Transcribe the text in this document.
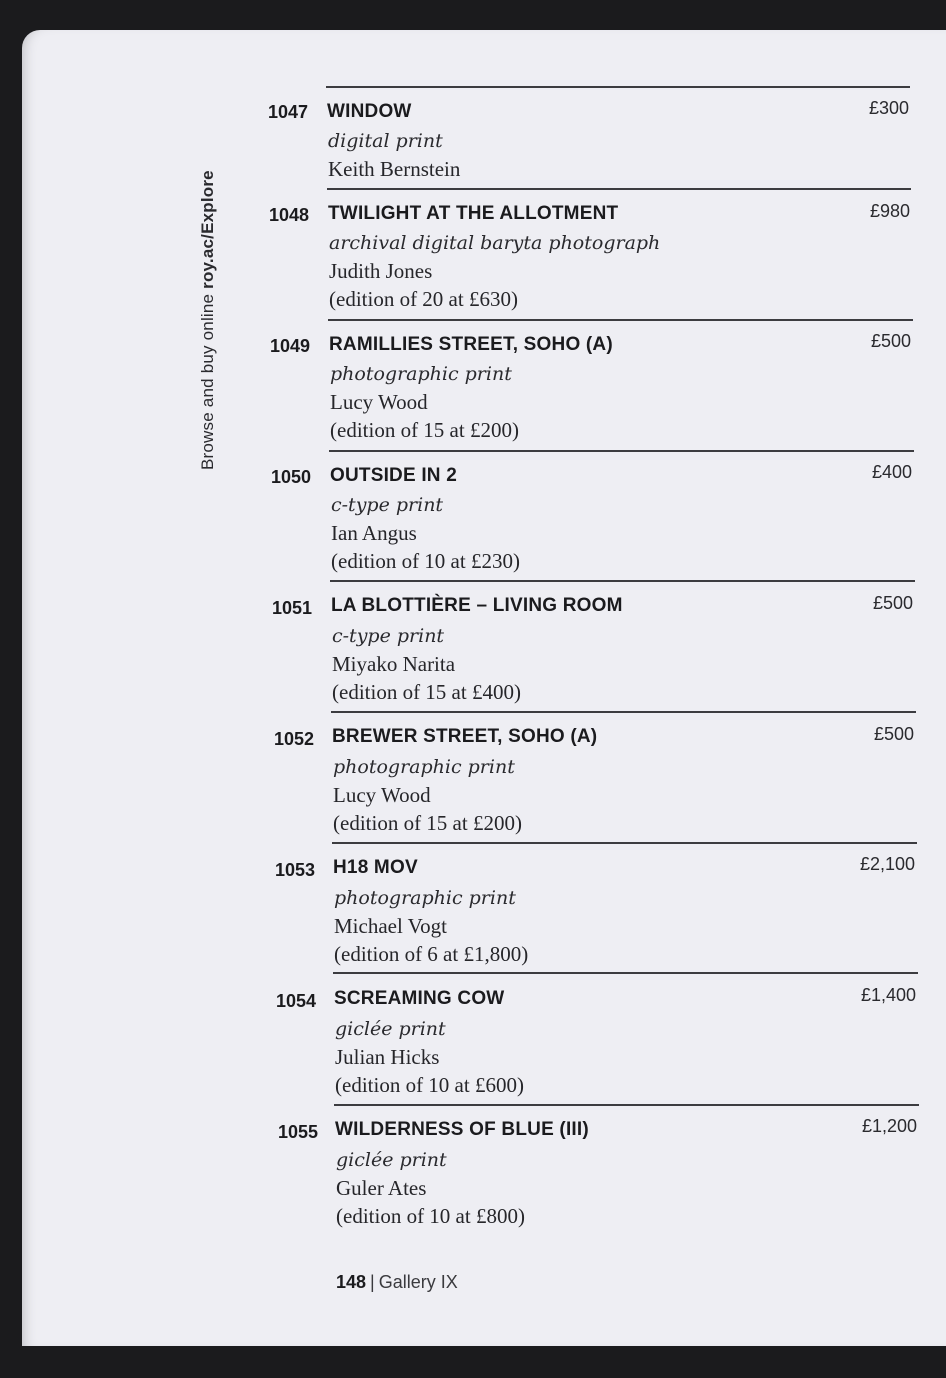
Browse and buy online roy.ac/Explore
1047 WINDOW
digital print
Keith Bernstein
£300
1048 TWILIGHT AT THE ALLOTMENT
archival digital baryta photograph
Judith Jones
(edition of 20 at £630)
£980
1049 RAMILLIES STREET, SOHO (A)
photographic print
Lucy Wood
(edition of 15 at £200)
£500
1050 OUTSIDE IN 2
c-type print
Ian Angus
(edition of 10 at £230)
£400
1051 LA BLOTTIÈRE – LIVING ROOM
c-type print
Miyako Narita
(edition of 15 at £400)
£500
1052 BREWER STREET, SOHO (A)
photographic print
Lucy Wood
(edition of 15 at £200)
£500
1053 H18 MOV
photographic print
Michael Vogt
(edition of 6 at £1,800)
£2,100
1054 SCREAMING COW
giclée print
Julian Hicks
(edition of 10 at £600)
£1,400
1055 WILDERNESS OF BLUE (III)
giclée print
Guler Ates
(edition of 10 at £800)
£1,200
148 | Gallery IX
